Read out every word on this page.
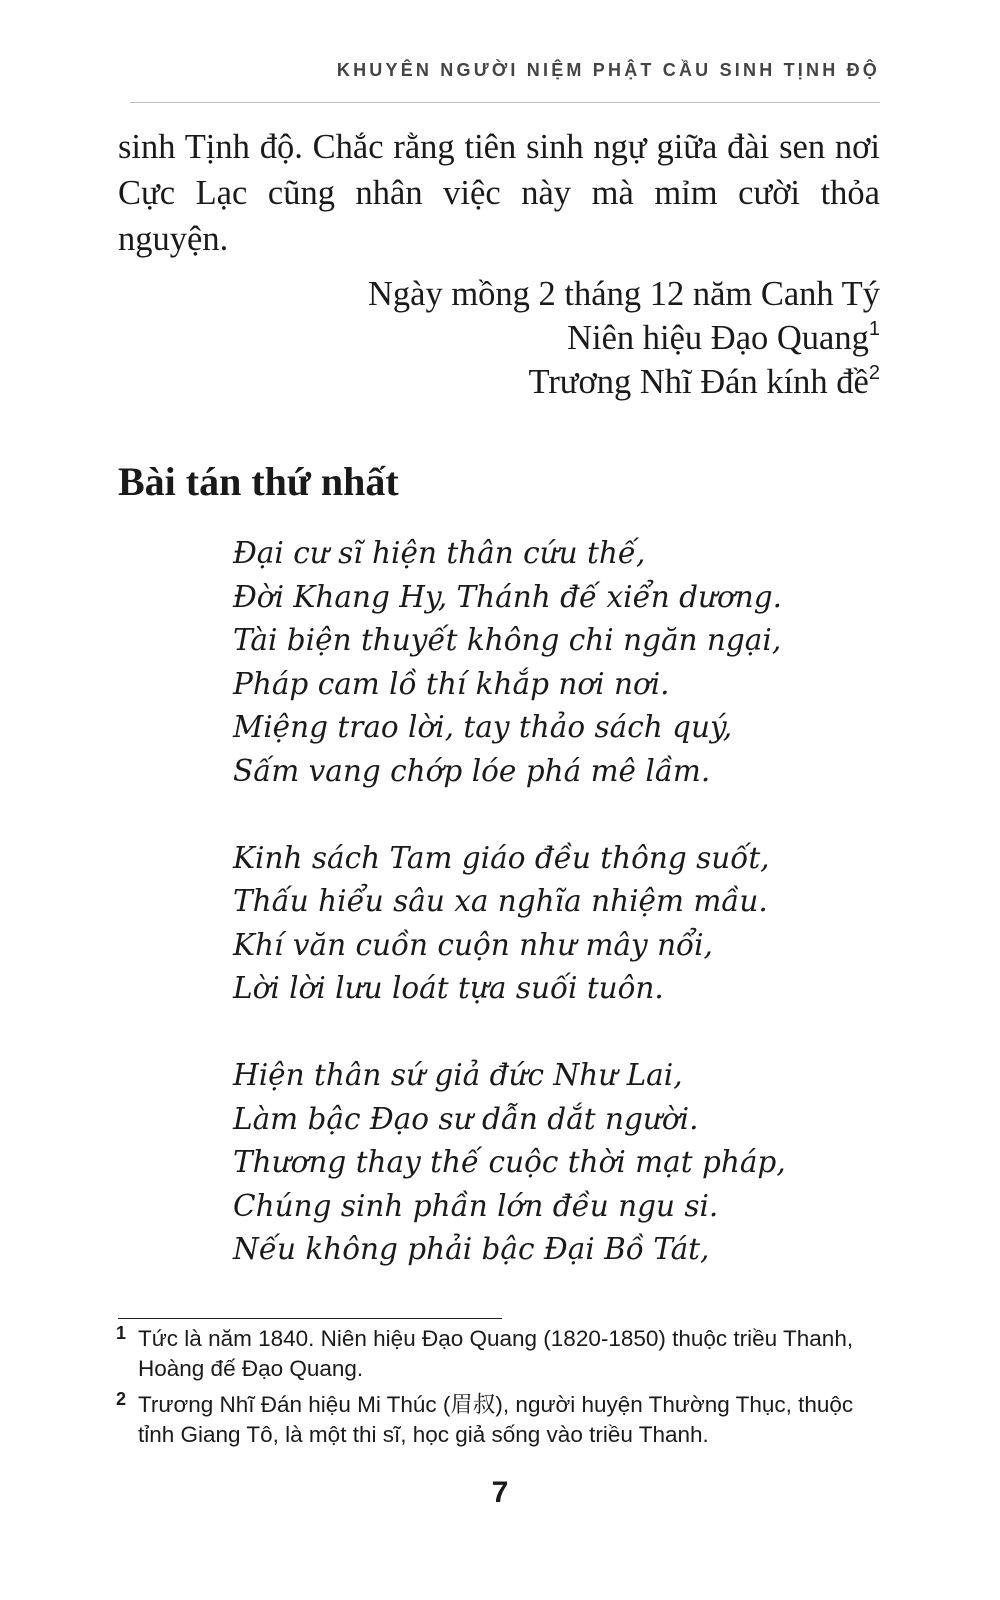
KHUYÊN NGƯỜI NIỆM PHẬT CẦU SINH TỊNH ĐỘ

sinh Tịnh độ. Chắc rằng tiên sinh ngự giữa đài sen nơi Cực Lạc cũng nhân việc này mà mỉm cười thỏa nguyện.

Ngày mồng 2 tháng 12 năm Canh Tý
Niên hiệu Đạo Quang$^1$
Trương Nhĩ Đán kính đề$^2$
Bài tán thứ nhất
Đại cư sĩ hiện thân cứu thế,
Đời Khang Hy, Thánh đế xiển dương.
Tài biện thuyết không chi ngăn ngại,
Pháp cam lồ thí khắp nơi nơi.
Miệng trao lời, tay thảo sách quý,
Sấm vang chớp lóe phá mê lầm.
Kinh sách Tam giáo đều thông suốt,
Thấu hiểu sâu xa nghĩa nhiệm mầu.
Khí văn cuồn cuộn như mây nổi,
Lời lời lưu loát tựa suối tuôn.
Hiện thân sứ giả đức Như Lai,
Làm bậc Đạo sư dẫn dắt người.
Thương thay thế cuộc thời mạt pháp,
Chúng sinh phần lớn đều ngu si.
Nếu không phải bậc Đại Bồ Tát,
1 Tức là năm 1840. Niên hiệu Đạo Quang (1820-1850) thuộc triều Thanh, Hoàng đế Đạo Quang.
2 Trương Nhĩ Đán hiệu Mi Thúc (眉叔), người huyện Thường Thục, thuộc tỉnh Giang Tô, là một thi sĩ, học giả sống vào triều Thanh.
7
